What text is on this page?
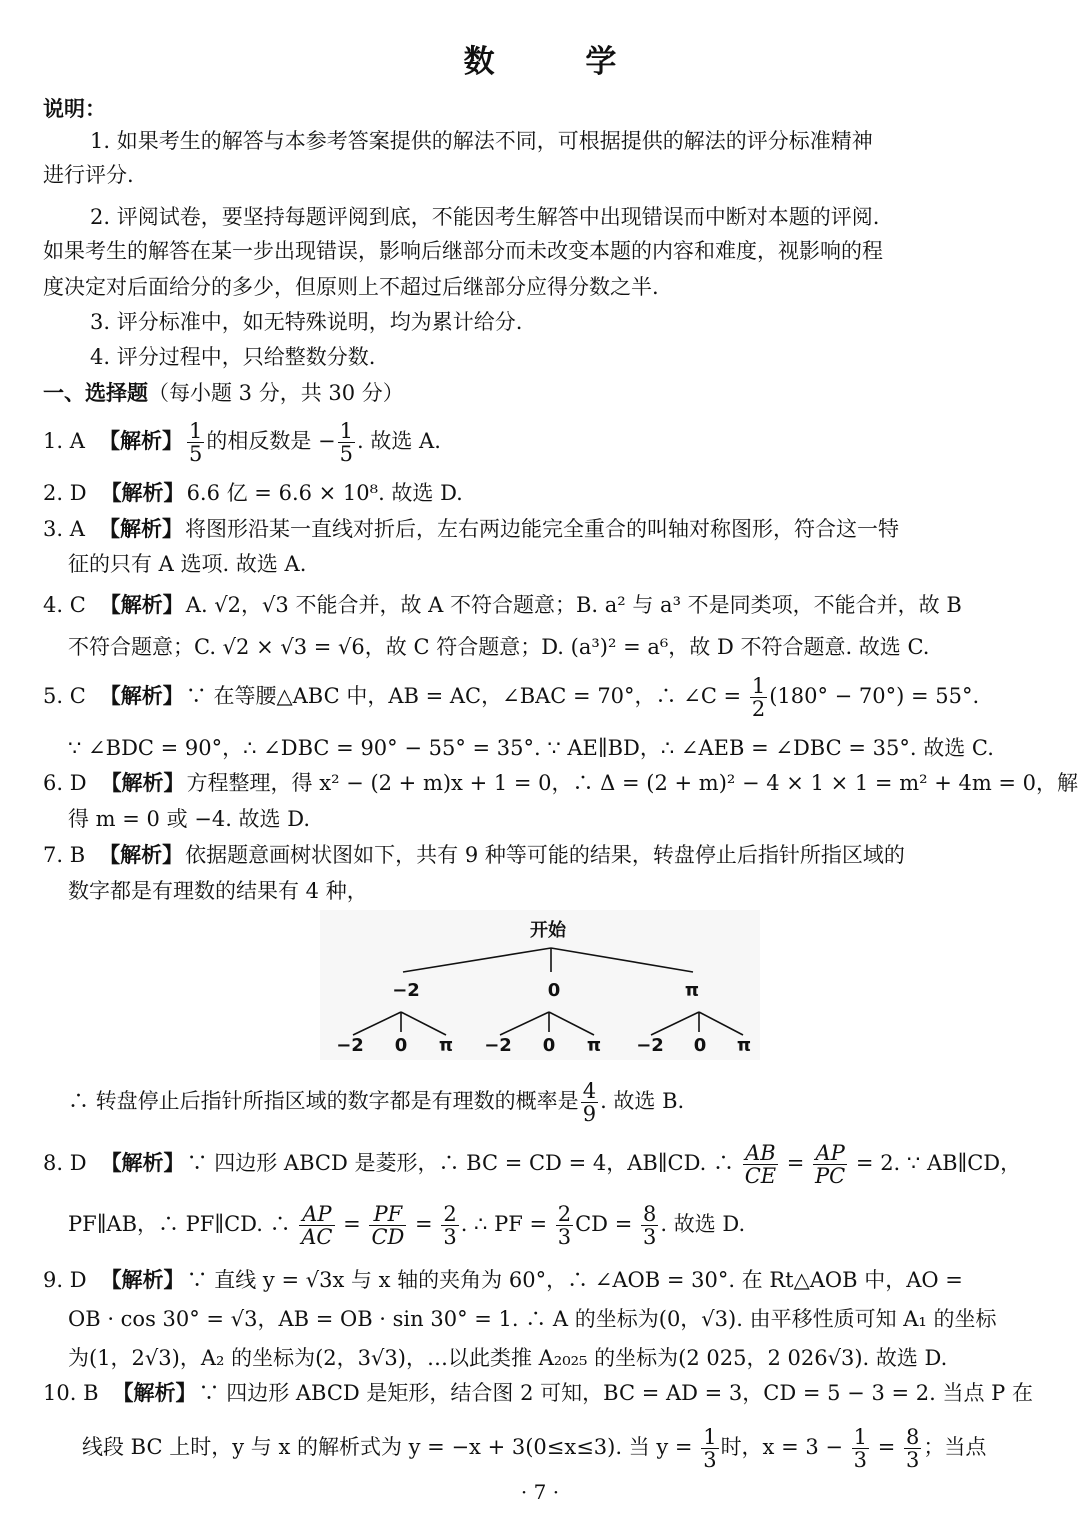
数 学
说明：
1. 如果考生的解答与本参考答案提供的解法不同，可根据提供的解法的评分标准精神
进行评分.
2. 评阅试卷，要坚持每题评阅到底，不能因考生解答中出现错误而中断对本题的评阅.
如果考生的解答在某一步出现错误，影响后继部分而未改变本题的内容和难度，视影响的程
度决定对后面给分的多少，但原则上不超过后继部分应得分数之半.
3. 评分标准中，如无特殊说明，均为累计给分.
4. 评分过程中，只给整数分数.
一、选择题（每小题 3 分，共 30 分）
1. A 【解析】 $\frac{1}{5}$ 的相反数是 − $\frac{1}{5}$ . 故选 A.
2. D 【解析】6.6 亿 = 6.6 × 10⁸. 故选 D.
3. A 【解析】将图形沿某一直线对折后，左右两边能完全重合的叫轴对称图形，符合这一特
征的只有 A 选项. 故选 A.
4. C 【解析】A. √2，√3 不能合并，故 A 不符合题意；B. a² 与 a³ 不是同类项，不能合并，故 B
不符合题意；C. √2 × √3 = √6，故 C 符合题意；D. (a³)² = a⁶，故 D 不符合题意. 故选 C.
5. C 【解析】∵ 在等腰△ABC 中，AB = AC，∠BAC = 70°，∴ ∠C = $\frac{1}{2} (180^\circ - 70^\circ) = 55^\circ$.
∵ ∠BDC = 90°，∴ ∠DBC = 90° − 55° = 35°. ∵ AE∥BD，∴ ∠AEB = ∠DBC = 35°. 故选 C.
6. D 【解析】方程整理，得 x² − (2 + m)x + 1 = 0，∴ Δ = (2 + m)² − 4 × 1 × 1 = m² + 4m = 0，解
得 m = 0 或 −4. 故选 D.
7. B 【解析】依据题意画树状图如下，共有 9 种等可能的结果，转盘停止后指针所指区域的
数字都是有理数的结果有 4 种，
开始
−2	0	π
−2 0 π −2 0 π −2 0 π
∴ 转盘停止后指针所指区域的数字都是有理数的概率是 $\frac{4}{9}$ . 故选 B.
8. D 【解析】∵ 四边形 ABCD 是菱形，∴ BC = CD = 4，AB∥CD. ∴ $\frac{AB}{CE} = \frac{AP}{PC} = 2$. ∵ AB∥CD，
PF∥AB，∴ PF∥CD. ∴ $\frac{AP}{AC} = \frac{PF}{CD} = \frac{2}{3}$ . ∴ PF = $\frac{2}{3}$ CD = $\frac{8}{3}$ . 故选 D.
9. D 【解析】∵ 直线 y = √3x 与 x 轴的夹角为 60°，∴ ∠AOB = 30°. 在 Rt△AOB 中，AO =
OB · cos 30° = √3，AB = OB · sin 30° = 1. ∴ A 的坐标为(0，√3). 由平移性质可知 A₁ 的坐标
为(1，2√3)，A₂ 的坐标为(2，3√3)，…以此类推 A₂₀₂₅ 的坐标为(2 025，2 026√3). 故选 D.
10. B 【解析】∵ 四边形 ABCD 是矩形，结合图 2 可知，BC = AD = 3，CD = 5 − 3 = 2. 当点 P 在
线段 BC 上时，y 与 x 的解析式为 y = −x + 3(0≤x≤3). 当 $y = \frac{1}{3}$ 时，$x = 3 - \frac{1}{3} = \frac{8}{3}$ ；当点
· 7 ·
